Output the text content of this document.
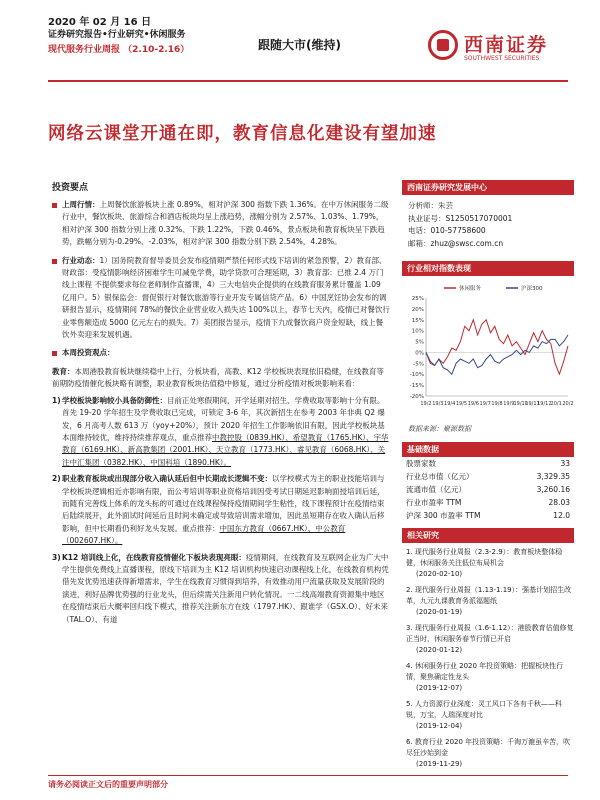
2020 年 02 月 16 日
证券研究报告•行业研究•休闲服务
现代服务行业周报 （2.10-2.16）	跟随大市(维持)	西南证券
SOUTHWEST SECURITIES
网络云课堂开通在即，教育信息化建设有望加速
投资要点
上周行情：上周餐饮旅游板块上涨 0.89%，相对沪深 300 指数下跌 1.36%。在中万休闲服务二级行业中，餐饮板块、旅游综合和酒店板块均呈上涨趋势，涨幅分别为 2.57%、1.03%、1.79%，相对沪深 300 指数分别上涨 0.32%、下跌 1.22%，下跌 0.46%，景点板块和教育板块呈下跌趋势，跌幅分别为-0.29%、-2.03%，相对沪深 300 指数分别下跌 2.54%，4.28%。
行业动态：1）国务院教育督导委员会发布疫情期严禁任何形式线下培训的紧急预警，2）教育部、财政部：受疫情影响经济困难学生可减免学费，助学贷款可合理延期，3）教育部：已推 2.4 万门线上课程 不提供要求每位老师制作直播课，4）三大电信央企提供的在线教育服务累计覆盖 1.09 亿用户。5）银保监会：督促银行对餐饮旅游等行业开发专属信贷产品。6）中国烹饪协会发布的调研报告显示，疫情期间 78%的餐饮企业营业收入损失达 100%以上，春节七天内，疫情已对餐饮行业零售额造成 5000 亿元左右的损失。7）美团报告显示，疫情下九成餐饮商户资金短缺，线上餐饮外卖迎来发展机遇。
本周投资观点：
教育：本周港股教育板块继续稳中上行，分板块看，高教、K12 学校板块表现依旧稳健，在线教育等前期防疫情催化板块略有调整，职业教育板块估值稳中修复，通过分析疫情对板块影响来看：
1) 学校板块影响较小具备防御性：目前正处寒假期间，开学延期对招生、学费收取等影响十分有限。首先 19-20 学年招生及学费收取已完成，可锁定 3-6 年，其次新招生在参考 2003 年非典 Q2 爆发，6 月高考人数 613 万（yoy+20%），预计 2020 年招生工作影响依旧有限，因此学校板块基本面维持较优，维持持续推荐观点，重点推荐中教控股（0839.HK）、希望教育（1765.HK）、宇华教育（6169.HK）、新高教集团（2001.HK）、天立教育（1773.HK）、睿见教育（6068.HK）、关注中汇集团（0382.HK）、中国科培（1890.HK）。
2) 职业教育板块或出现部分收入确认延后但中长期成长逻辑不变：以学校模式为主的职业技能培训与学校板块逻辑相近亦影响有限，而公考培训等职业资格培训因受考试日期延迟影响面授培训后延，而随有完善线上体系的龙头标的可通过在线课程保持疫情期间学生粘性，线下课程预计在疫情结束后陆续展开，此外面试时间延后且时间未确定或导致培训需求增加，因此虽短期存在收入确认后移影响，但中长期看仍利好龙头发展。重点推荐：中国东方教育（0667.HK）、中公教育（002607.HK）。
3) K12 培训线上化，在线教育疫情催化下板块表现亮眼：疫情期间，在线教育及互联网企业为广大中学生提供免费线上直播课程，原线下培训为主 K12 培训机构快速启动课程线上化，在线教育机构凭借先发优势迅速获得新增需求，学生在线教育习惯得到培养，有效推动用户流量获取及发展阶段的演进，利好品牌优势强的行业龙头，但后续需关注新用户转化情况。一二线高端教育资源集中地区在疫情结束后大概率回归线下模式，推荐关注新东方在线（1797.HK）、跟谁学（GSX.O）、好未来（TAL.O）、有道
西南证券研究发展中心
分析师：朱芸
执业证号：S1250517070001
电话：010-57758600
邮箱：zhuz@swsc.com.cn
行业相对指数表现
25%
20%
15%
10%
5%
0%
-5%
-10%
-15%
-20%
19/2 19/3 19/4 19/5 19/6 19/7 19/8 19/9 19/10
19/11
19/12 20/1 20/2
休闲服务	沪深300
数据来源：聚源数据
基础数据
股票家数	33
行业总市值（亿元）	3,329.35
流通市值（亿元）	3,260.16
行业市盈率 TTM	28.03
沪深 300 市盈率 TTM	12.0
相关研究
1. 现代服务行业周报（2.3-2.9）：教育板块整体稳健，休闲服务关注低位布局机会
(2020-02-10)
2. 现代服务行业周报（1.13-1.19）：强基计划招生改革，九元九课教育务派福题纸
(2020-01-19)
3. 现代服务行业周报（1.6-1.12）：港股教育估值修复正当时，休闲服务春节行情已开启
(2020-01-12)
4. 休闲服务行业 2020 年投资策略：把握板块性行情，聚焦确定性龙头
(2019-12-07)
5. 人力资源行业深度：灵工风口下各有千秋——科锐，万宝，人瑞深度对比
(2019-12-04)
6. 教育行业 2020 年投资策略：千淘万漉虽辛苦，吹尽狂沙始到金
(2019-11-29)
请务必阅读正文后的重要声明部分
